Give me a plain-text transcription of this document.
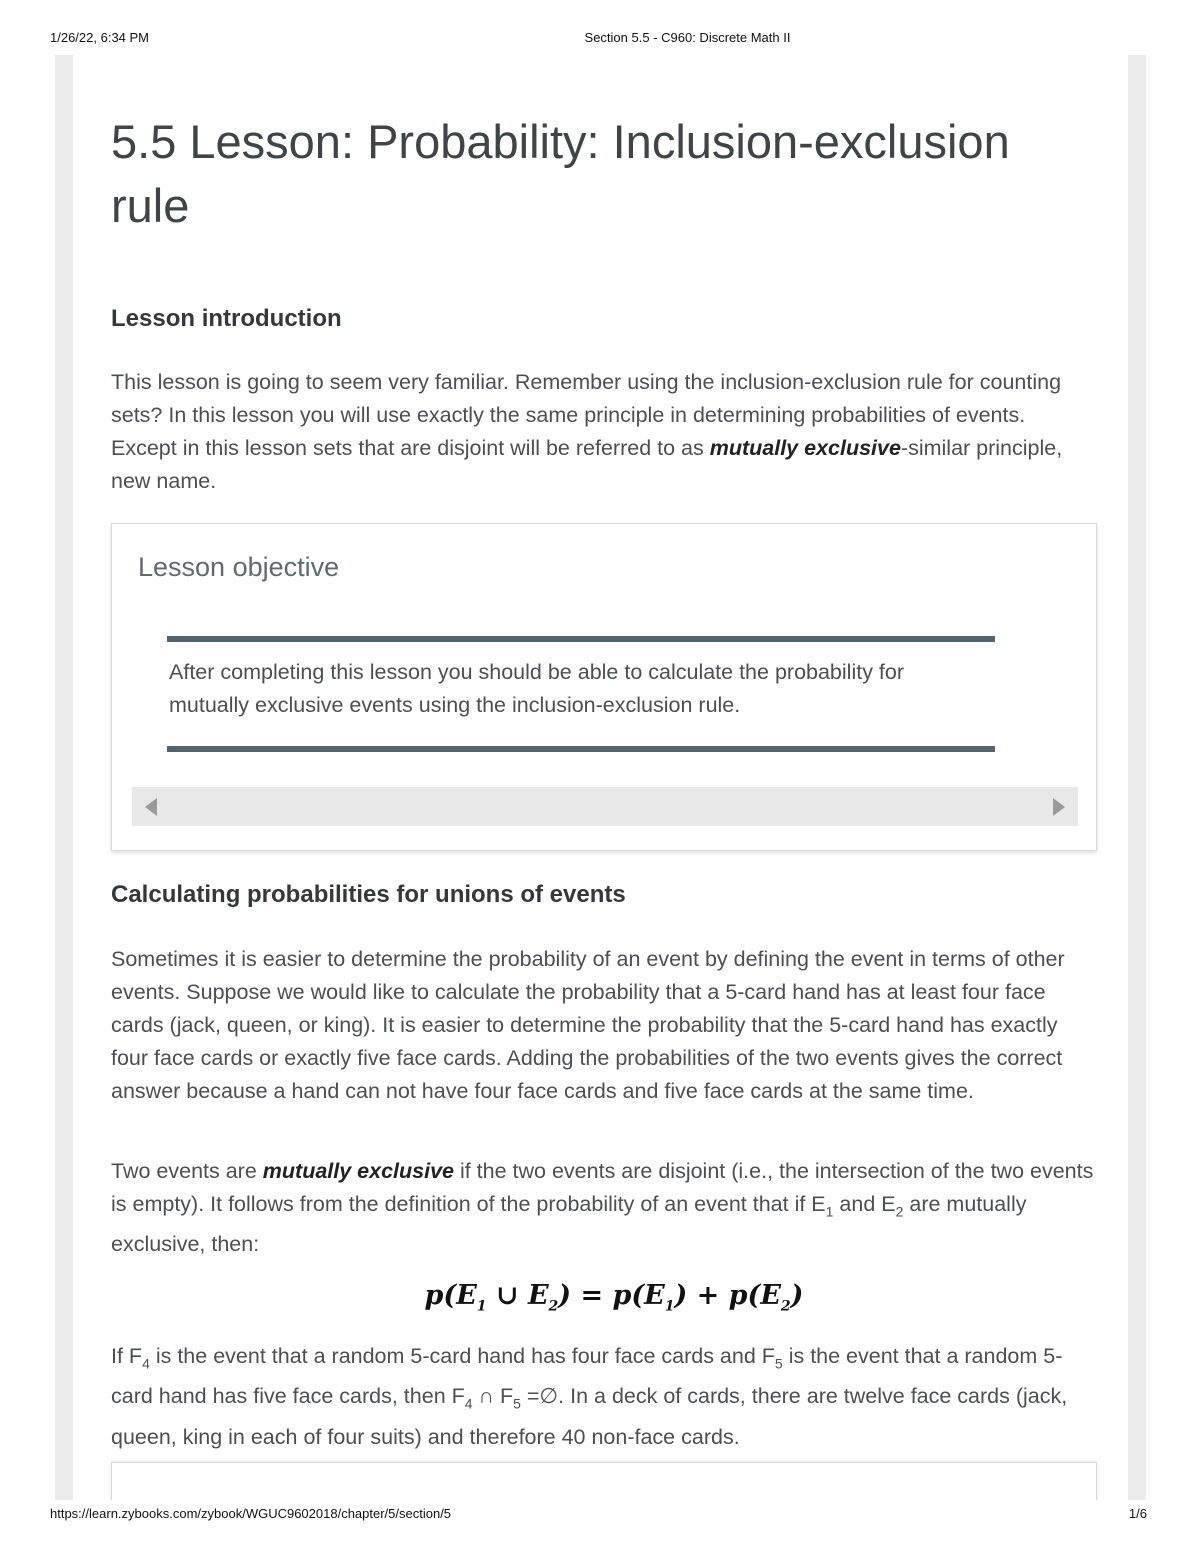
1/26/22, 6:34 PM	Section 5.5 - C960: Discrete Math II
5.5 Lesson: Probability: Inclusion-exclusion rule
Lesson introduction

This lesson is going to seem very familiar. Remember using the inclusion-exclusion rule for counting sets? In this lesson you will use exactly the same principle in determining probabilities of events. Except in this lesson sets that are disjoint will be referred to as mutually exclusive-similar principle, new name.

Lesson objective
After completing this lesson you should be able to calculate the probability for mutually exclusive events using the inclusion-exclusion rule.
Calculating probabilities for unions of events

Sometimes it is easier to determine the probability of an event by defining the event in terms of other events. Suppose we would like to calculate the probability that a 5-card hand has at least four face cards (jack, queen, or king). It is easier to determine the probability that the 5-card hand has exactly four face cards or exactly five face cards. Adding the probabilities of the two events gives the correct answer because a hand can not have four face cards and five face cards at the same time.

Two events are mutually exclusive if the two events are disjoint (i.e., the intersection of the two events is empty). It follows from the definition of the probability of an event that if $E_1$ and $E_2$ are mutually exclusive, then:

$p(E_1$ ∪ $E_2) = p(E_1) + p(E_2)$

If $F_4$ is the event that a random 5-card hand has four face cards and $F_5$ is the event that a random 5-card hand has five face cards, then $F_4$ ∩ $F_5$ =∅. In a deck of cards, there are twelve face cards (jack, queen, king in each of four suits) and therefore 40 non-face cards.

https://learn.zybooks.com/zybook/WGUC9602018/chapter/5/section/5	1/6
